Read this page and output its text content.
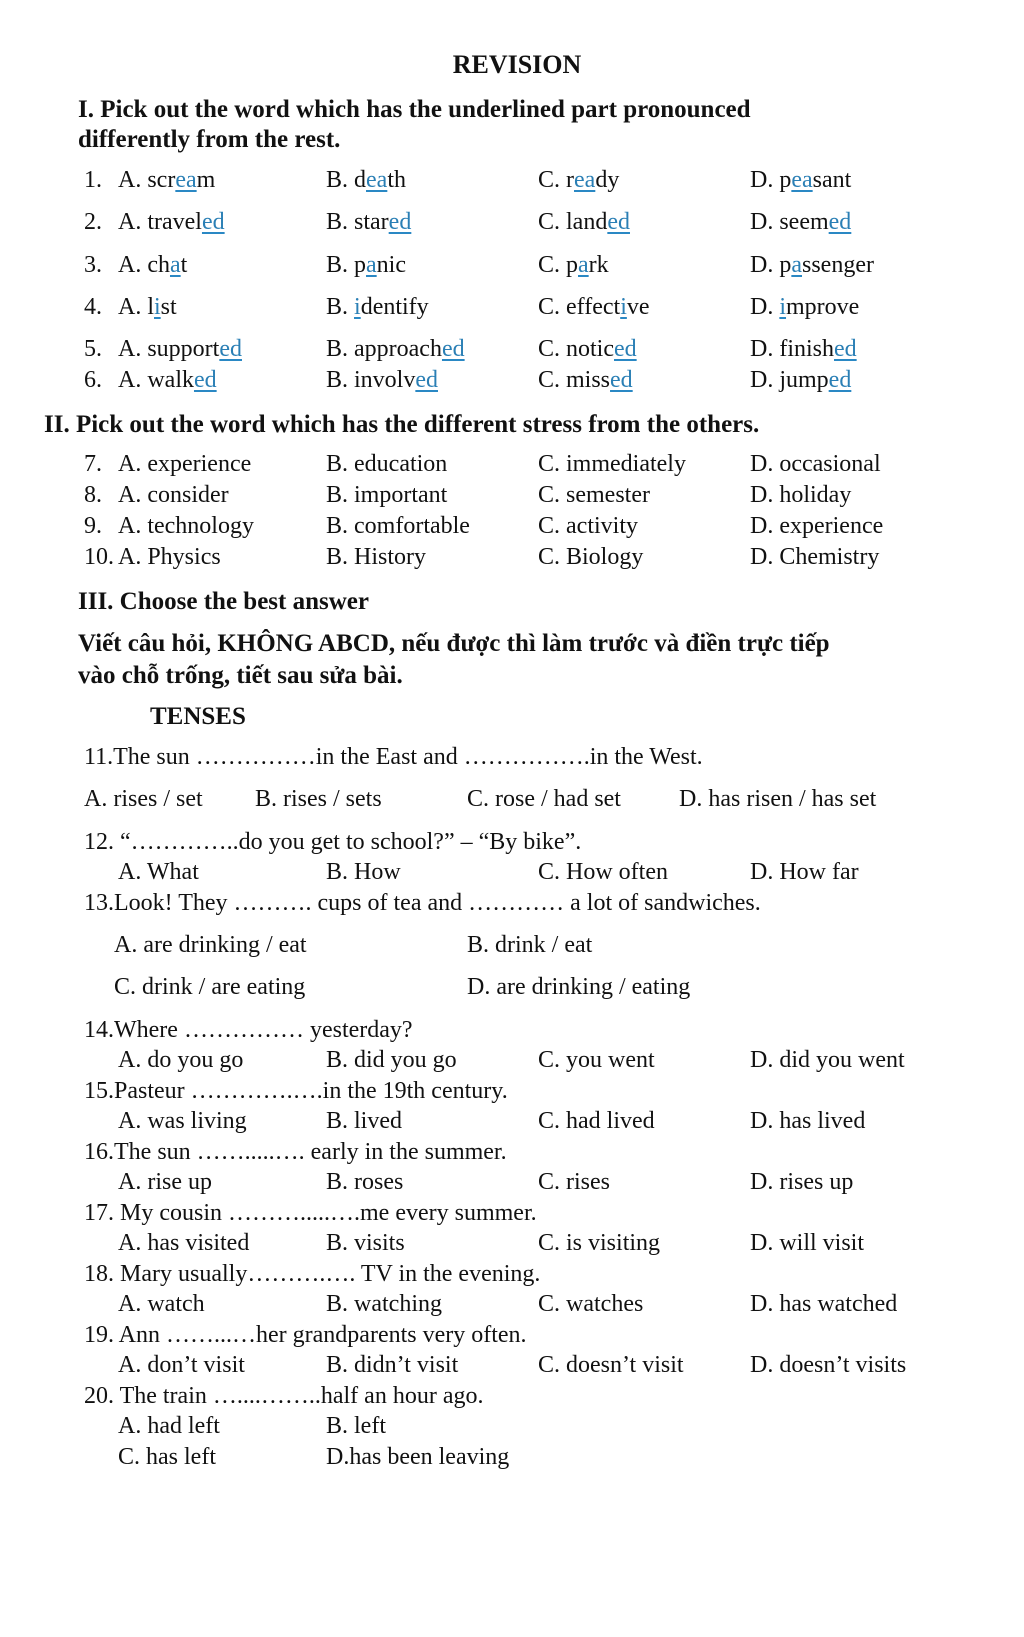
REVISION
I. Pick out the word which has the underlined part pronounced
differently from the rest.
1. A. scream	B. death	C. ready	D. peasant
2. A. traveled	B. stared	C. landed	D. seemed
3. A. chat	B. panic	C. park	D. passenger
4. A. list	B. identify	C. effective	D. improve
5. A. supported	B. approached	C. noticed	D. finished
6. A. walked	B. involved	C. missed	D. jumped
II. Pick out the word which has the different stress from the others.
7. A. experience	B. education	C. immediately	D. occasional
8. A. consider	B. important	C. semester	D. holiday
9. A. technology	B. comfortable	C. activity	D. experience
10. A. Physics	B. History	C. Biology	D. Chemistry
III. Choose the best answer
Viết câu hỏi, KHÔNG ABCD, nếu được thì làm trước và điền trực tiếp
vào chỗ trống, tiết sau sửa bài.
TENSES
11.The sun ……………in the East and …………….in the West.
A. rises / set B. rises / sets	C. rose / had set D. has risen / has set
12. “…………..do you get to school?” – “By bike”.
A. What	B. How	C. How often	D. How far
13.Look! They ………. cups of tea and ………… a lot of sandwiches.
A. are drinking / eat	B. drink / eat
C. drink / are eating	D. are drinking / eating
14.Where …………… yesterday?
A. do you go	B. did you go	C. you went	D. did you went
15.Pasteur ………….….in the 19th century.
A. was living	B. lived	C. had lived	D. has lived
16.The sun …….....…. early in the summer.
A. rise up	B. roses	C. rises	D. rises up
17. My cousin ……….....….me every summer.
A. has visited	B. visits	C. is visiting	D. will visit
18. Mary usually……….…. TV in the evening.
A. watch	B. watching	C. watches	D. has watched
19. Ann ……...…her grandparents very often.
A. don’t visit	B. didn’t visit	C. doesn’t visit	D. doesn’t visits
20. The train …....……..half an hour ago.
A. had left	B. left
C. has left	D.has been leaving
